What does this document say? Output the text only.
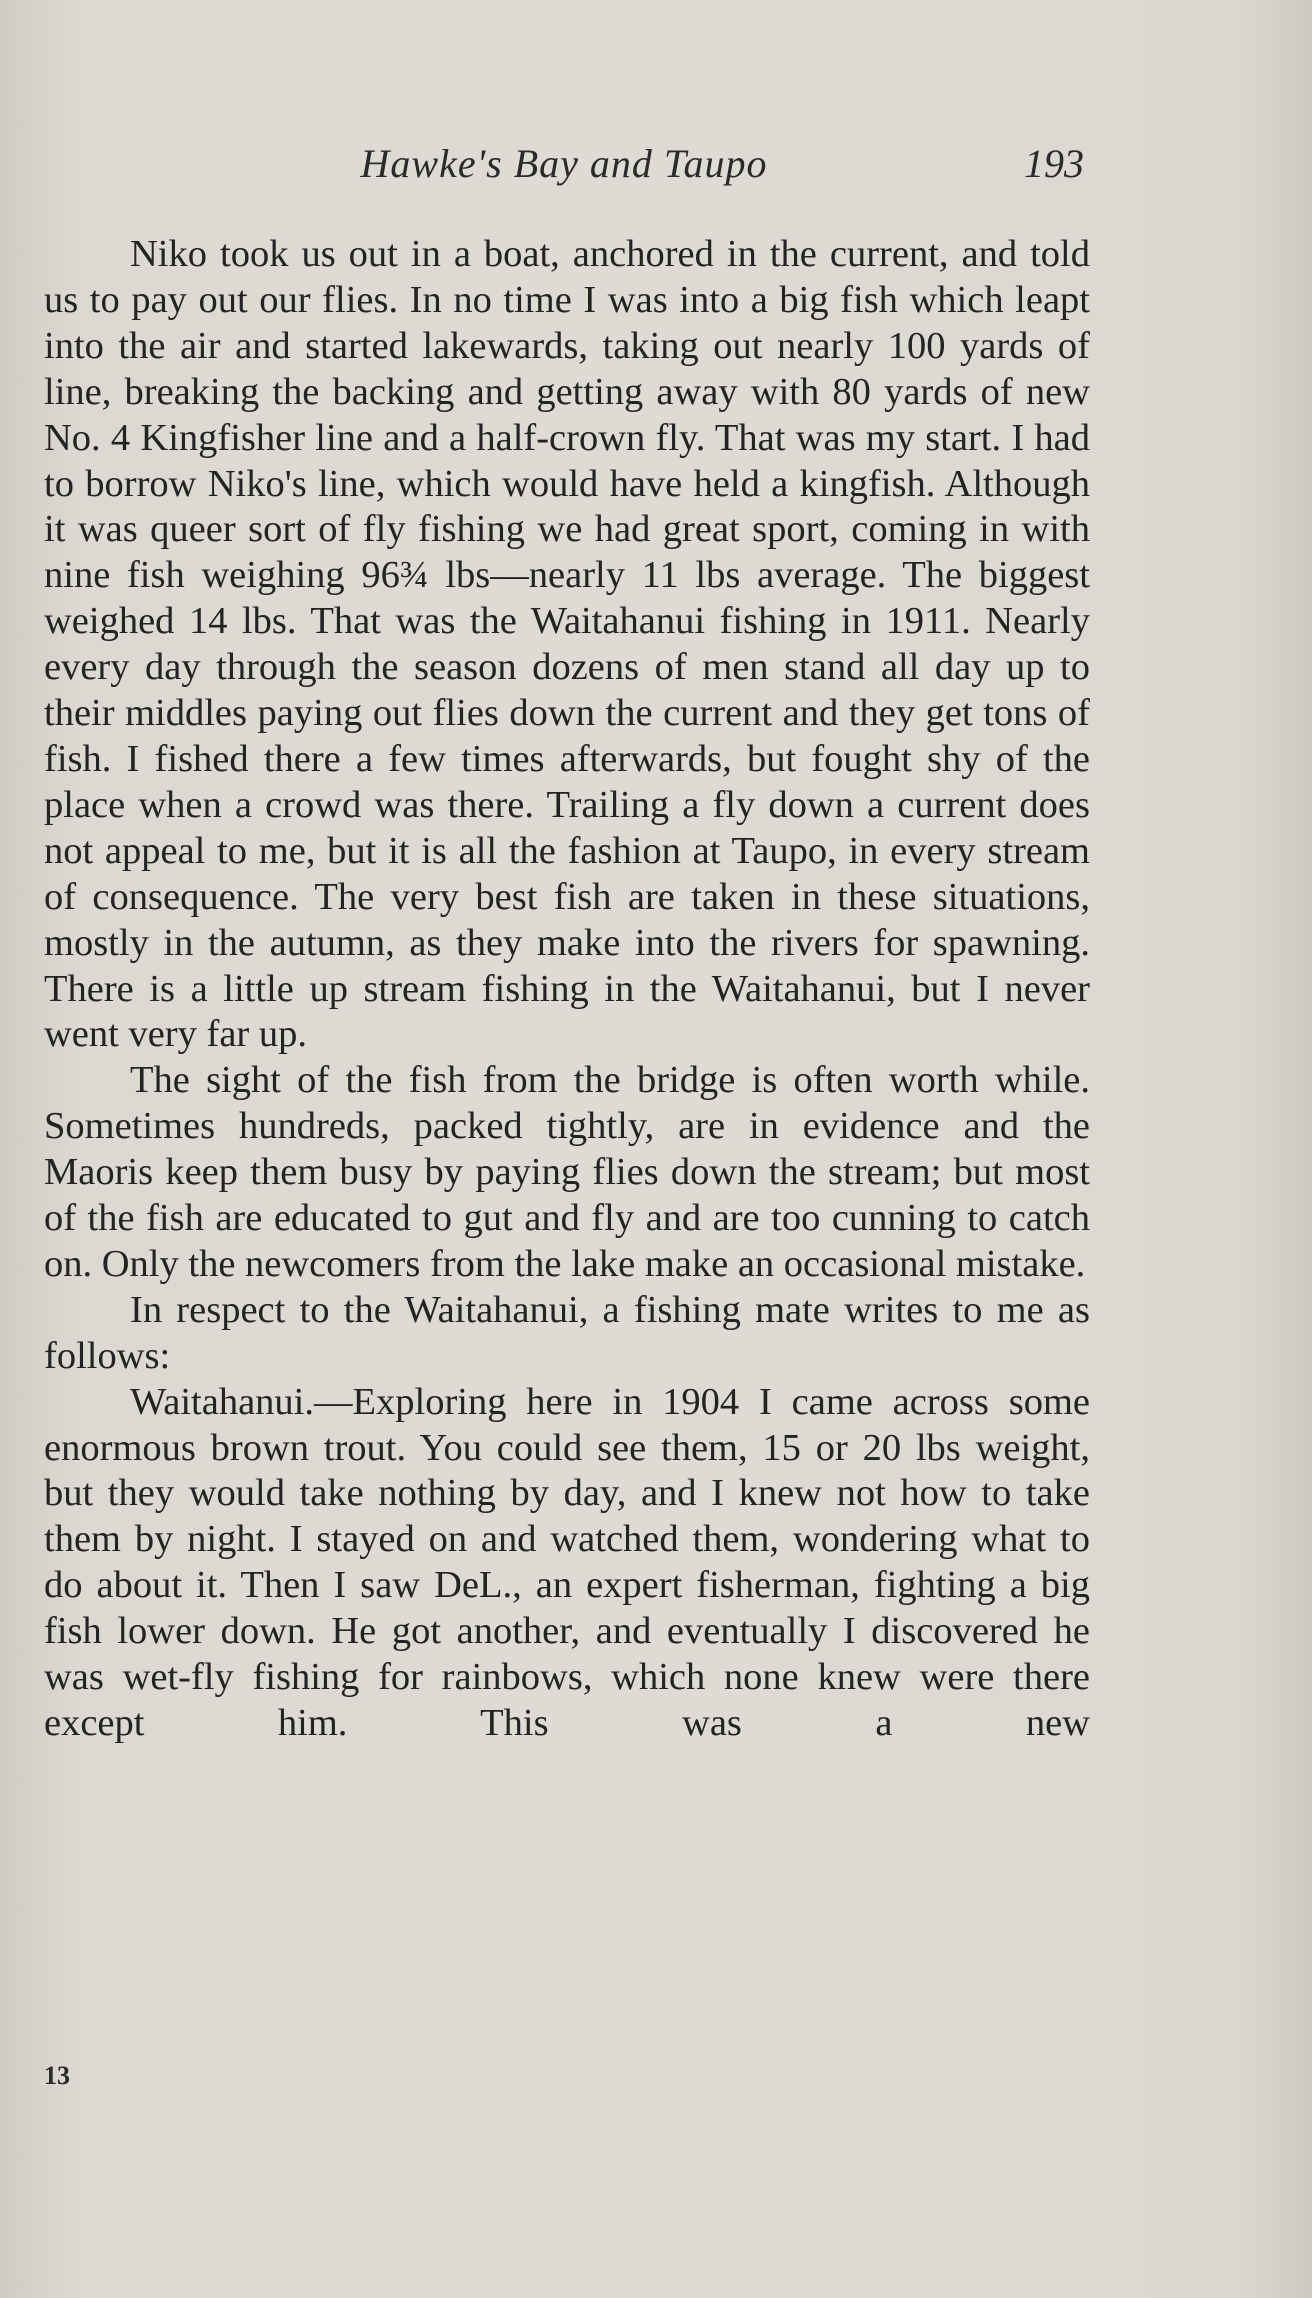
Hawke's Bay and Taupo	193

Niko took us out in a boat, anchored in the current, and told us to pay out our flies. In no time I was into a big fish which leapt into the air and started lakewards, taking out nearly 100 yards of line, breaking the backing and getting away with 80 yards of new No. 4 Kingfisher line and a half-crown fly. That was my start. I had to borrow Niko's line, which would have held a kingfish. Although it was queer sort of fly fishing we had great sport, coming in with nine fish weighing 96¾ lbs—nearly 11 lbs average. The biggest weighed 14 lbs. That was the Waitahanui fishing in 1911. Nearly every day through the season dozens of men stand all day up to their middles paying out flies down the current and they get tons of fish. I fished there a few times afterwards, but fought shy of the place when a crowd was there. Trailing a fly down a current does not appeal to me, but it is all the fashion at Taupo, in every stream of consequence. The very best fish are taken in these situations, mostly in the autumn, as they make into the rivers for spawning. There is a little up stream fishing in the Waitahanui, but I never went very far up.

The sight of the fish from the bridge is often worth while. Sometimes hundreds, packed tightly, are in evidence and the Maoris keep them busy by paying flies down the stream; but most of the fish are educated to gut and fly and are too cunning to catch on. Only the newcomers from the lake make an occasional mistake.

In respect to the Waitahanui, a fishing mate writes to me as follows:

Waitahanui.—Exploring here in 1904 I came across some enormous brown trout. You could see them, 15 or 20 lbs weight, but they would take nothing by day, and I knew not how to take them by night. I stayed on and watched them, wondering what to do about it. Then I saw DeL., an expert fisherman, fighting a big fish lower down. He got another, and eventually I discovered he was wet-fly fishing for rainbows, which none knew were there except him. This was a new

13
